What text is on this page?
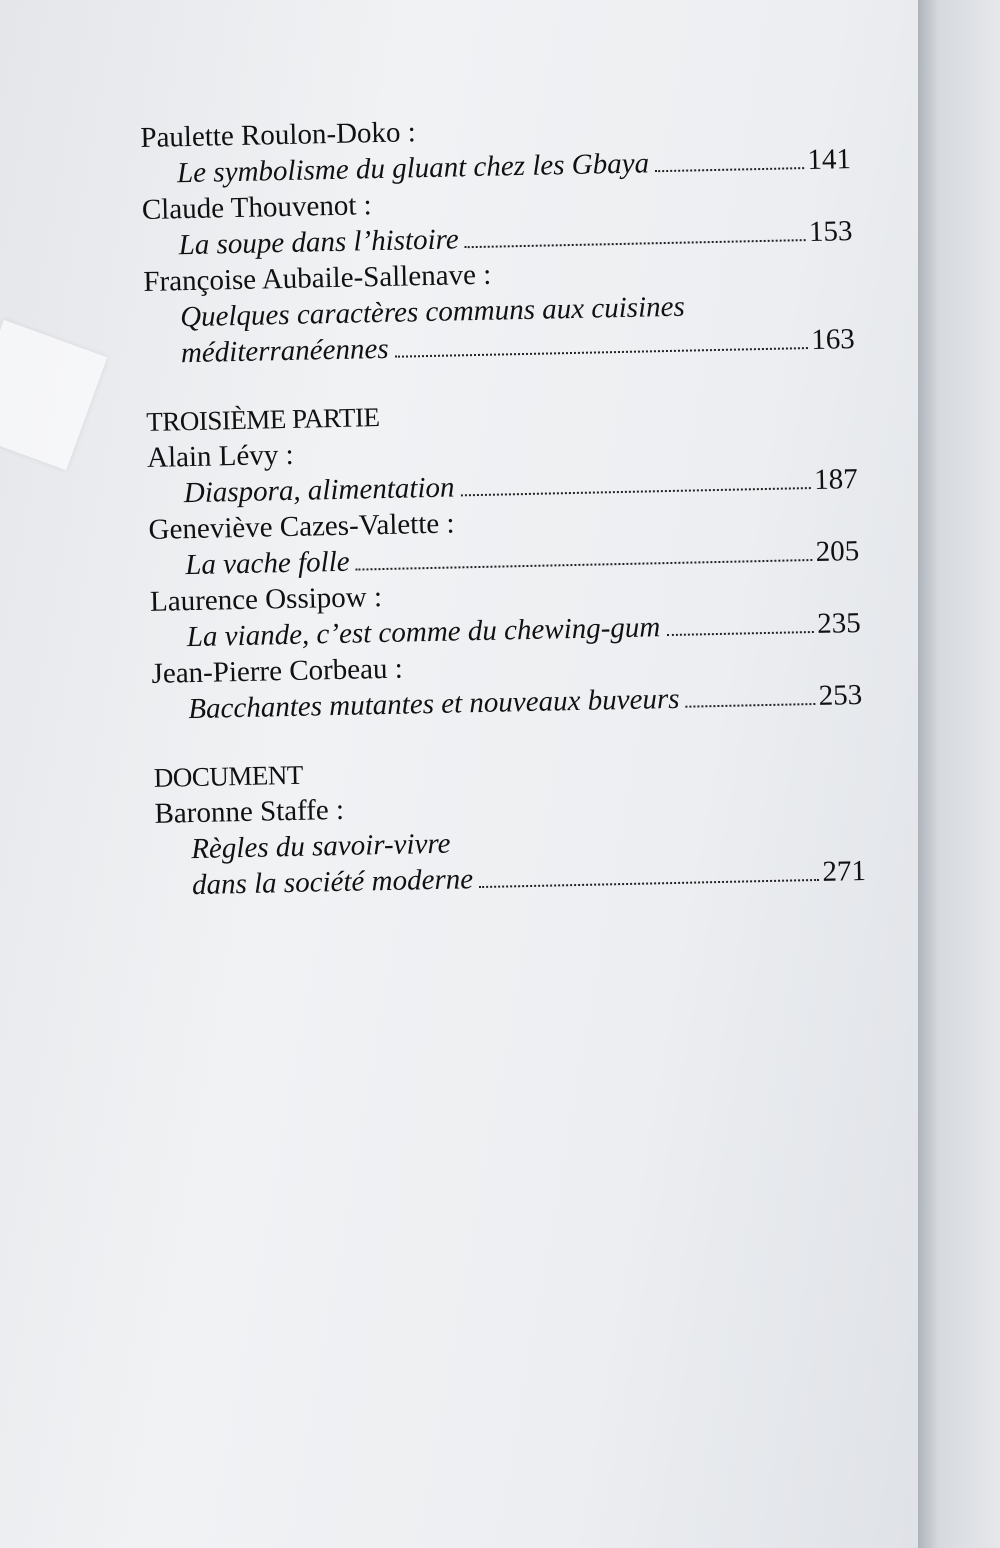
Paulette Roulon-Doko :
Le symbolisme du gluant chez les Gbaya	141
Claude Thouvenot :
La soupe dans l’histoire	153
Françoise Aubaile-Sallenave :
Quelques caractères communs aux cuisines
méditerranéennes	163
TROISIÈME PARTIE
Alain Lévy :
Diaspora, alimentation	187
Geneviève Cazes-Valette :
La vache folle	205
Laurence Ossipow :
La viande, c’est comme du chewing-gum	235
Jean-Pierre Corbeau :
Bacchantes mutantes et nouveaux buveurs	253
DOCUMENT
Baronne Staffe :
Règles du savoir-vivre
dans la société moderne	271
